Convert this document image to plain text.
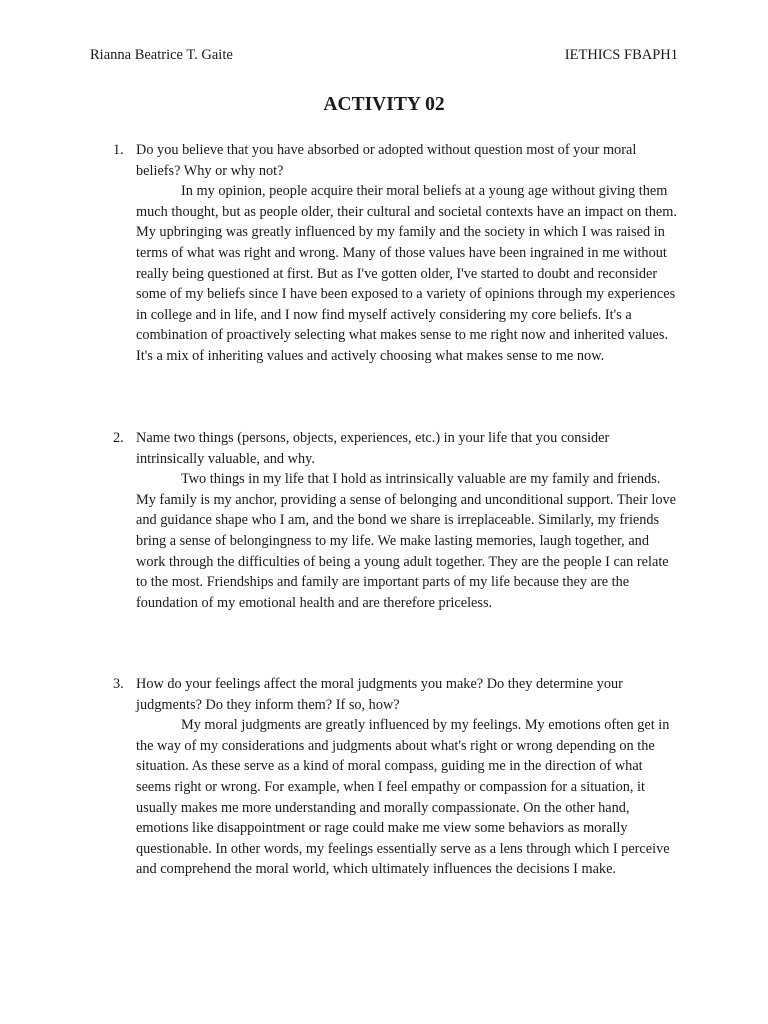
Rianna Beatrice T. Gaite	IETHICS FBAPH1
ACTIVITY 02
1. Do you believe that you have absorbed or adopted without question most of your moral beliefs? Why or why not?

In my opinion, people acquire their moral beliefs at a young age without giving them much thought, but as people older, their cultural and societal contexts have an impact on them. My upbringing was greatly influenced by my family and the society in which I was raised in terms of what was right and wrong. Many of those values have been ingrained in me without really being questioned at first. But as I've gotten older, I've started to doubt and reconsider some of my beliefs since I have been exposed to a variety of opinions through my experiences in college and in life, and I now find myself actively considering my core beliefs. It's a combination of proactively selecting what makes sense to me right now and inherited values. It's a mix of inheriting values and actively choosing what makes sense to me now.

2. Name two things (persons, objects, experiences, etc.) in your life that you consider intrinsically valuable, and why.

Two things in my life that I hold as intrinsically valuable are my family and friends. My family is my anchor, providing a sense of belonging and unconditional support. Their love and guidance shape who I am, and the bond we share is irreplaceable. Similarly, my friends bring a sense of belongingness to my life. We make lasting memories, laugh together, and work through the difficulties of being a young adult together. They are the people I can relate to the most. Friendships and family are important parts of my life because they are the foundation of my emotional health and are therefore priceless.

3. How do your feelings affect the moral judgments you make? Do they determine your judgments? Do they inform them? If so, how?

My moral judgments are greatly influenced by my feelings. My emotions often get in the way of my considerations and judgments about what's right or wrong depending on the situation. As these serve as a kind of moral compass, guiding me in the direction of what seems right or wrong. For example, when I feel empathy or compassion for a situation, it usually makes me more understanding and morally compassionate. On the other hand, emotions like disappointment or rage could make me view some behaviors as morally questionable. In other words, my feelings essentially serve as a lens through which I perceive and comprehend the moral world, which ultimately influences the decisions I make.
